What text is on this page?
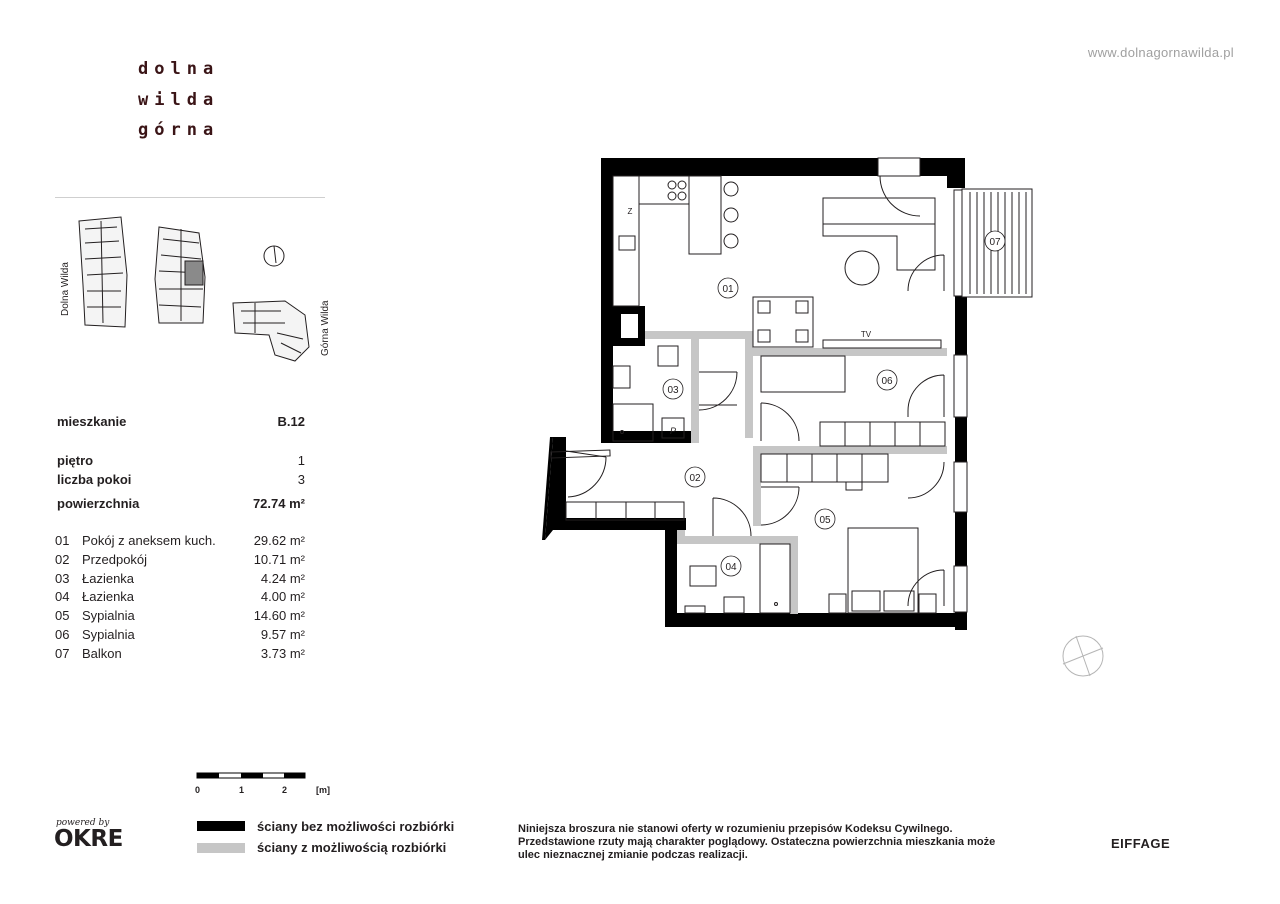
dolna
wilda
górna
www.dolnagornawilda.pl
Dolna Wilda
Górna Wilda
mieszkanie	B.12
piętro	1
liczba pokoi	3
powierzchnia	72.74 m²
01 Pokój z aneksem kuch.	29.62 m²
02 Przedpokój	10.71 m²
03 Łazienka	4.24 m²
04 Łazienka	4.00 m²
05 Sypialnia	14.60 m²
06 Sypialnia	9.57 m²
07 Balkon	3.73 m²
0	1	2	[m]
ściany bez możliwości rozbiórki
ściany z możliwością rozbiórki
powered by
OKRE	Niniejsza broszura nie stanowi oferty w rozumieniu przepisów Kodeksu Cywilnego.
Przedstawione rzuty mają charakter poglądowy. Ostateczna powierzchnia mieszkania może
ulec nieznacznej zmianie podczas realizacji.
EIFFAGE
01
02
03
04
05
06
07
TV
P
Z
